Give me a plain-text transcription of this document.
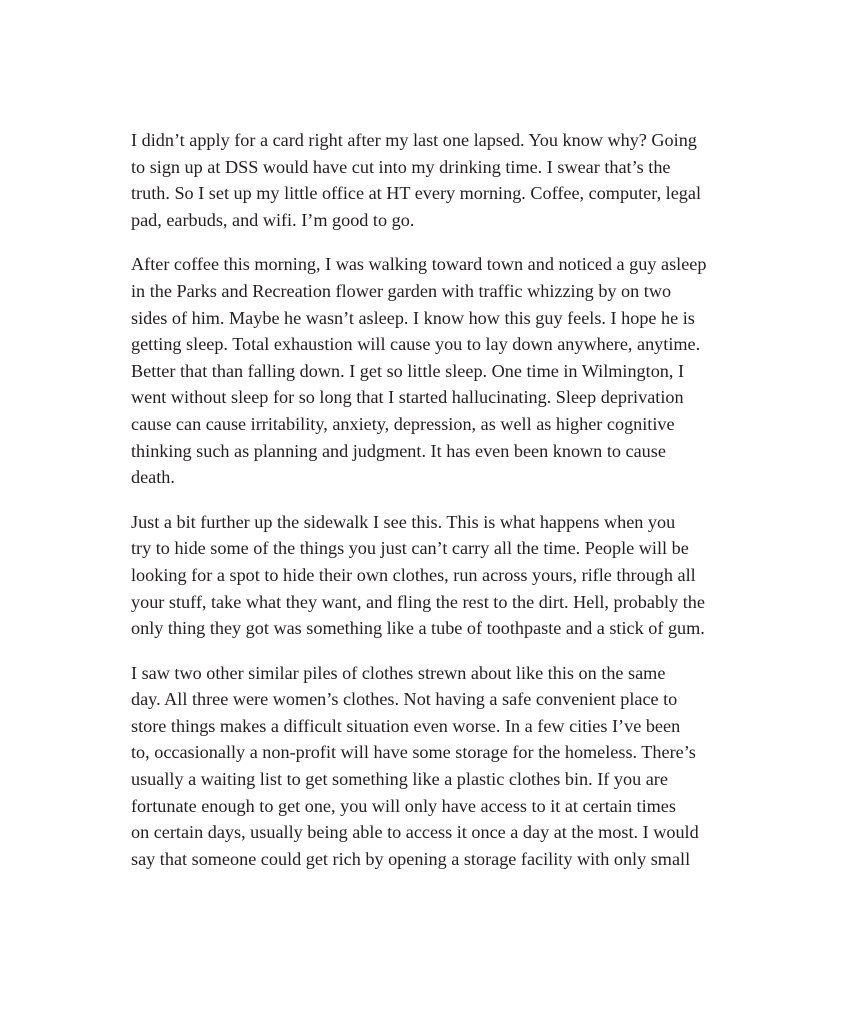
I didn’t apply for a card right after my last one lapsed. You know why? Going
to sign up at DSS would have cut into my drinking time. I swear that’s the
truth. So I set up my little office at HT every morning. Coffee, computer, legal
pad, earbuds, and wifi. I’m good to go.

After coffee this morning, I was walking toward town and noticed a guy asleep
in the Parks and Recreation flower garden with traffic whizzing by on two
sides of him. Maybe he wasn’t asleep. I know how this guy feels. I hope he is
getting sleep. Total exhaustion will cause you to lay down anywhere, anytime.
Better that than falling down. I get so little sleep. One time in Wilmington, I
went without sleep for so long that I started hallucinating. Sleep deprivation
cause can cause irritability, anxiety, depression, as well as higher cognitive
thinking such as planning and judgment. It has even been known to cause
death.

Just a bit further up the sidewalk I see this. This is what happens when you
try to hide some of the things you just can’t carry all the time. People will be
looking for a spot to hide their own clothes, run across yours, rifle through all
your stuff, take what they want, and fling the rest to the dirt. Hell, probably the
only thing they got was something like a tube of toothpaste and a stick of gum.

I saw two other similar piles of clothes strewn about like this on the same
day. All three were women’s clothes. Not having a safe convenient place to
store things makes a difficult situation even worse. In a few cities I’ve been
to, occasionally a non-profit will have some storage for the homeless. There’s
usually a waiting list to get something like a plastic clothes bin. If you are
fortunate enough to get one, you will only have access to it at certain times
on certain days, usually being able to access it once a day at the most. I would
say that someone could get rich by opening a storage facility with only small
